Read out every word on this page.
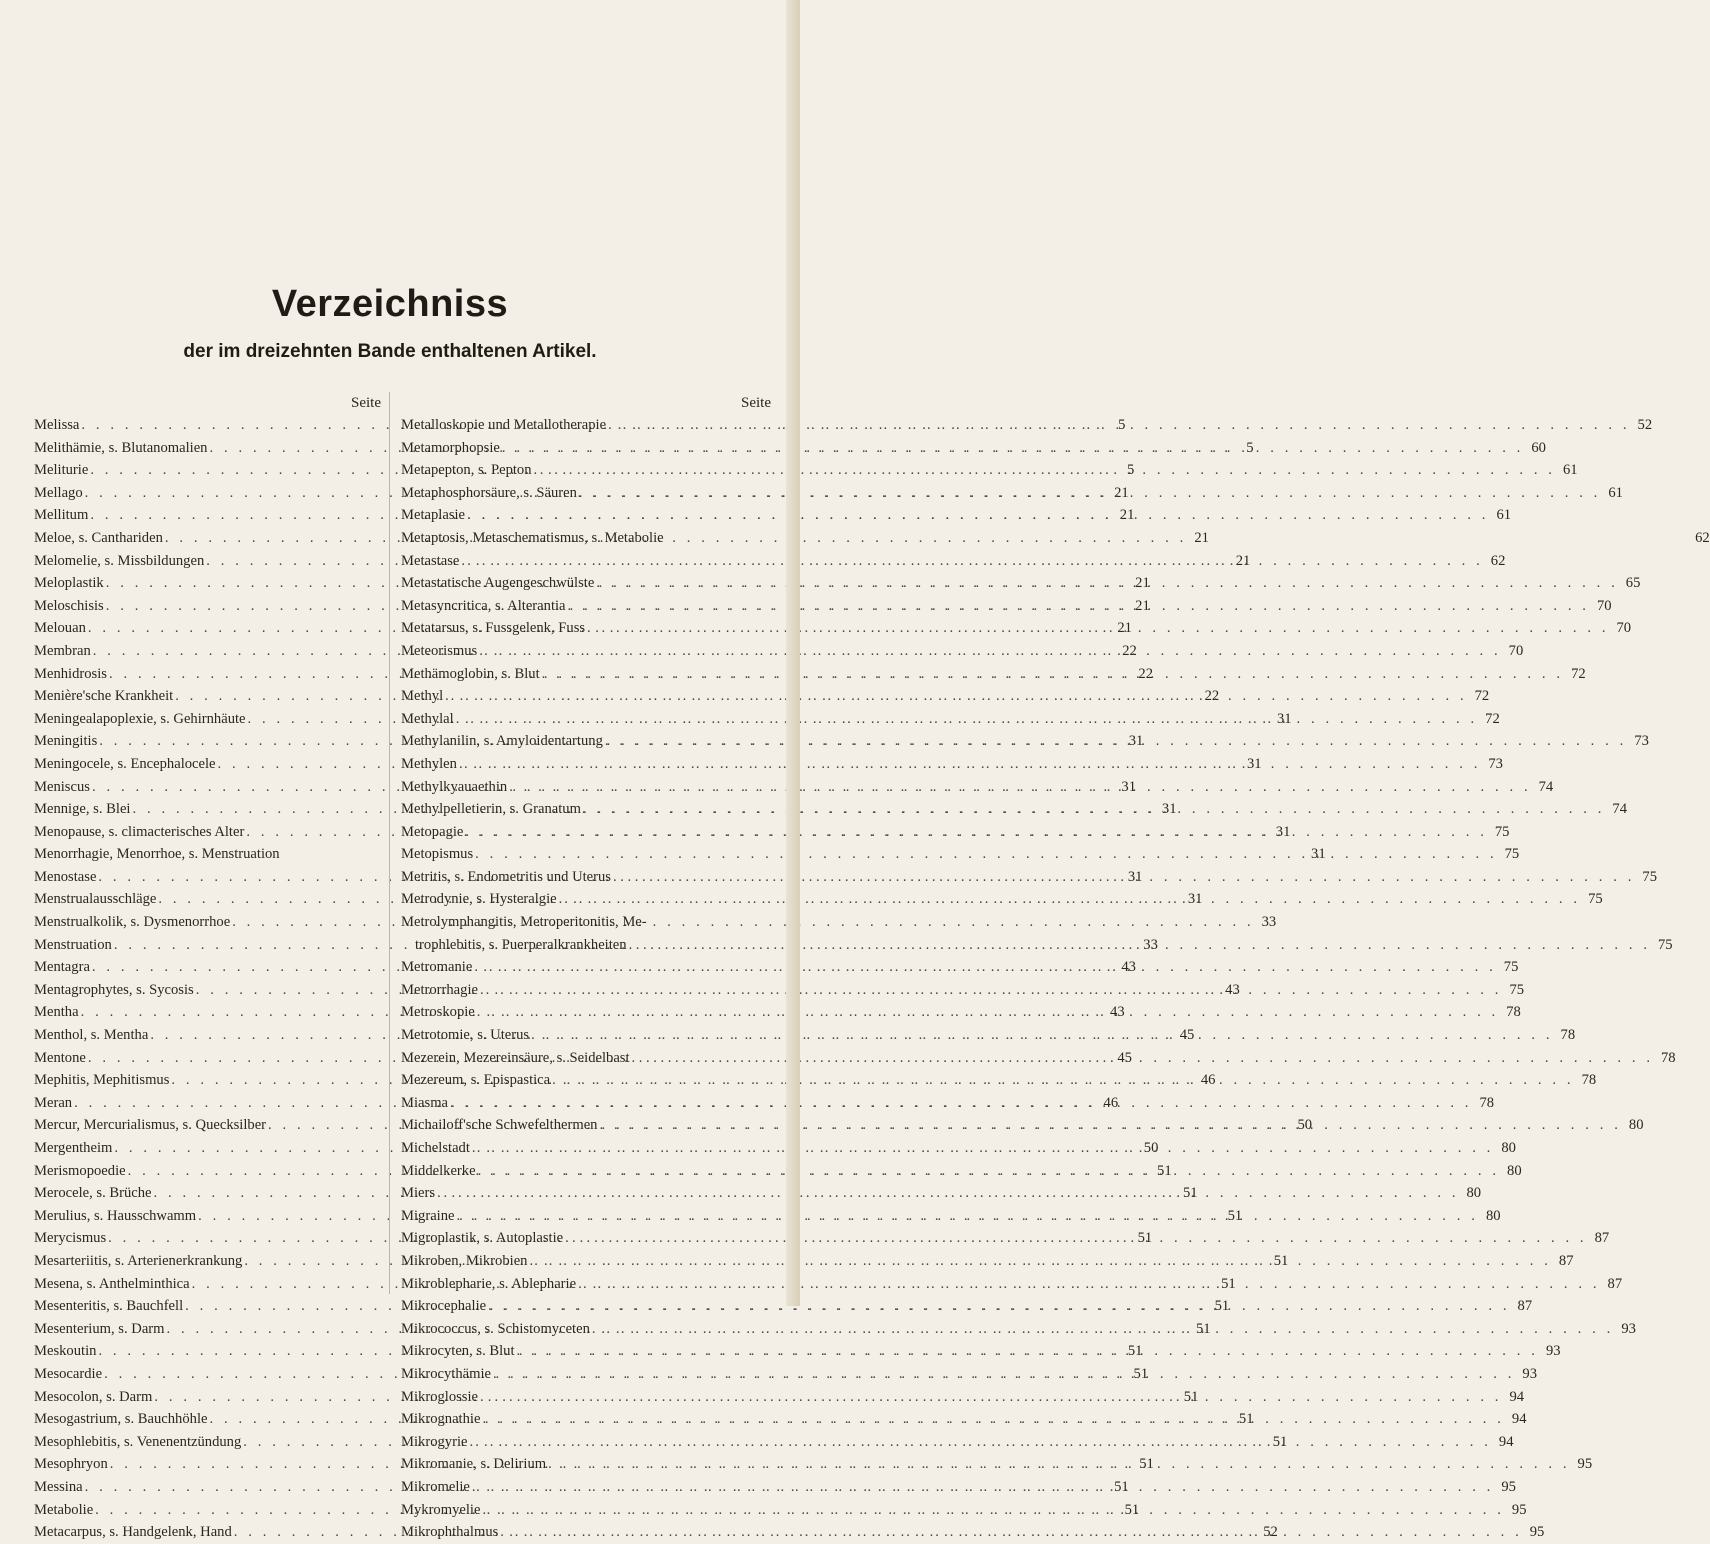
Verzeichniss
der im dreizehnten Bande enthaltenen Artikel.
Seite
Melissa . . .	5
Melithämie, s. Blutanomalien . . .	5
Meliturie . . .	5
Mellago . . .	21
Mellitum . . .	21
Meloe, s. Canthariden . . .	21
Melomelie, s. Missbildungen . . .	21
Meloplastik . . .	21
Meloschisis . . .	21
Melouan . . .	21
Membran . . .	22
Menhidrosis . . .	22
Menière'sche Krankheit . . .	22
Meningealapoplexie, s. Gehirnhäute . . .	31
Meningitis . . .	31
Meningocele, s. Encephalocele . . .	31
Meniscus . . .	31
Mennige, s. Blei . . .	31
Menopause, s. climacterisches Alter . . .	31
Menorrhagie, Menorrhoe, s. Menstruation	31
Menostase . . .	31
Menstrualausschläge . . .	31
Menstrualkolik, s. Dysmenorrhoe . . .	33
Menstruation . . .	33
Mentagra . . .	43
Mentagrophytes, s. Sycosis . . .	43
Mentha . . .	43
Menthol, s. Mentha . . .	45
Mentone . . .	45
Mephitis, Mephitismus . . .	46
Meran . . .	46
Mercur, Mercurialismus, s. Quecksilber . . .	50
Mergentheim . . .	50
Merismopoedie . . .	51
Merocele, s. Brüche . . .	51
Merulius, s. Hausschwamm . . .	51
Merycismus . . .	51
Mesarteriitis, s. Arterienerkrankung . . .	51
Mesena, s. Anthelminthica . . .	51
Mesenteritis, s. Bauchfell . . .	51
Mesenterium, s. Darm . . .	51
Meskoutin . . .	51
Mesocardie . . .	51
Mesocolon, s. Darm . . .	51
Mesogastrium, s. Bauchhöhle . . .	51
Mesophlebitis, s. Venenentzündung . . .	51
Mesophryon . . .	51
Messina . . .	51
Metabolie . . .	51
Metacarpus, s. Handgelenk, Hand . . .	52
Seite
Metalloskopie und Metallotherapie . . .	52
Metamorphopsie . . .	60
Metapepton, s. Pepton . . .	61
Metaphosphorsäure, s. Säuren . . .	61
Metaplasie . . .	61
Metaptosis, Metaschematismus, s. Metabolie	62
Metastase . . .	62
Metastatische Augengeschwülste . . .	65
Metasyncritica, s. Alterantia . . .	70
Metatarsus, s. Fussgelenk, Fuss . . .	70
Meteorismus . . .	70
Methämoglobin, s. Blut . . .	72
Methyl . . .	72
Methylal . . .	72
Methylanilin, s. Amyloidentartung . . .	73
Methylen . . .	73
Methylkyauaethin . . .	74
Methylpelletierin, s. Granatum . . .	74
Metopagie . . .	75
Metopismus . . .	75
Metritis, s. Endometritis und Uterus . . .	75
Metrodynie, s. Hysteralgie . . .	75
Metrolymphangitis, Metroperitonitis, Me-
trophlebitis, s. Puerperalkrankheiten . . .	75
Metromanie . . .	75
Metrorrhagie . . .	75
Metroskopie . . .	78
Metrotomie, s. Uterus . . .	78
Mezerein, Mezereinsäure, s. Seidelbast . . .	78
Mezereum, s. Epispastica . . .	78
Miasma . . .	78
Michailoff'sche Schwefelthermen . . .	80
Michelstadt . . .	80
Middelkerke . . .	80
Miers . . .	80
Migraine . . .	80
Migroplastik, s. Autoplastie . . .	87
Mikroben, Mikrobien . . .	87
Mikroblepharie, s. Ablepharie . . .	87
Mikrocephalie . . .	87
Mikrococcus, s. Schistomyceten . . .	93
Mikrocyten, s. Blut . . .	93
Mikrocythämie . . .	93
Mikroglossie . . .	94
Mikrognathie . . .	94
Mikrogyrie . . .	94
Mikromanie, s. Delirium . . .	95
Mikromelie . . .	95
Mykromyelie . . .	95
Mikrophthalmus . . .	95
